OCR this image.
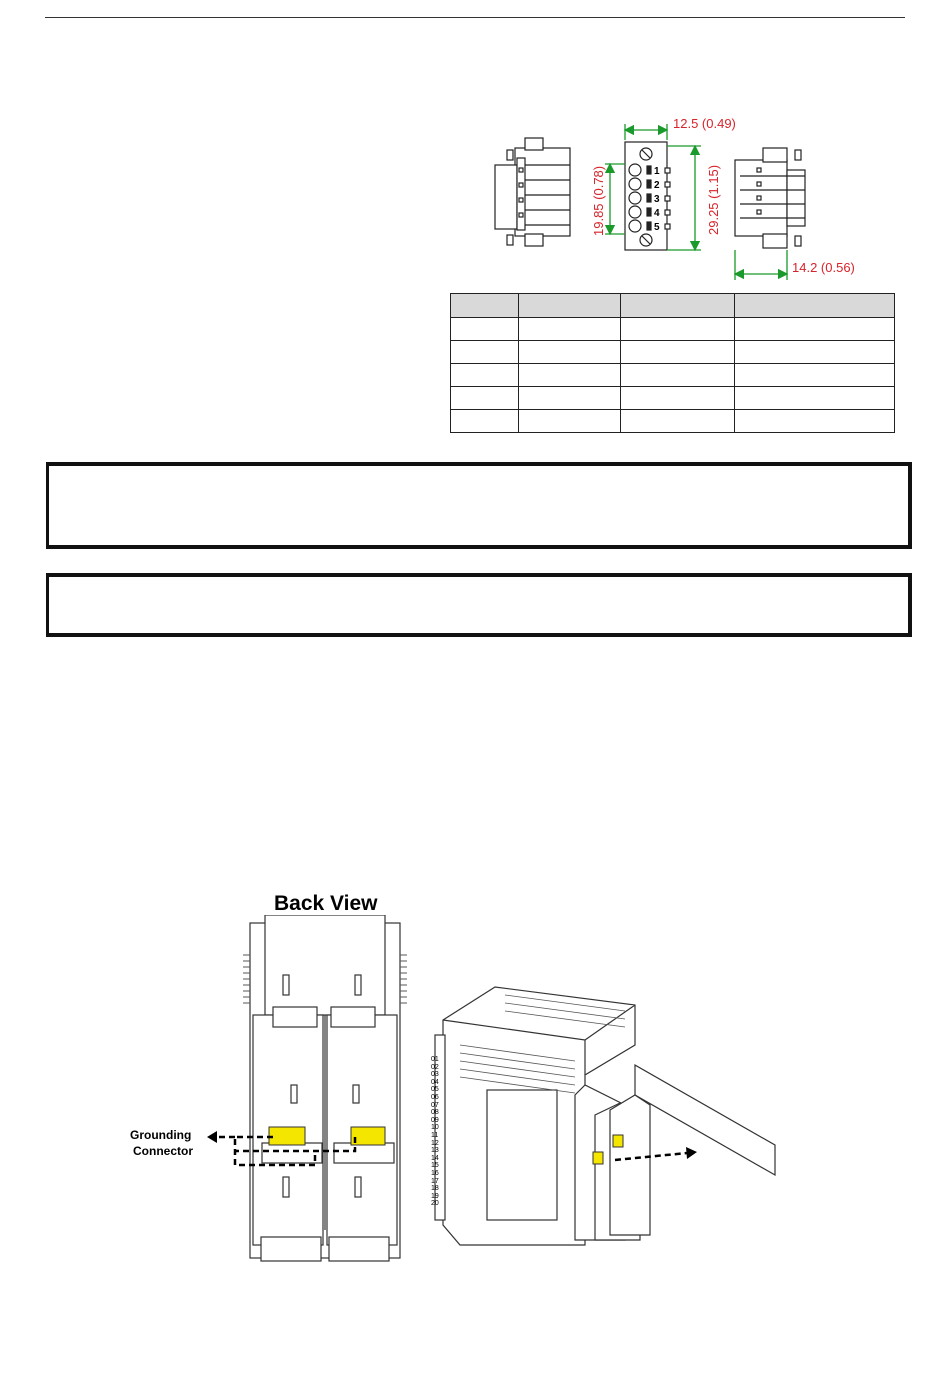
1
2
3
4
5
12.5 (0.49)
19.85 (0.78)	29.25 (1.15)
14.2 (0.56)

Back View
Grounding
Connector
01
02
03
04
05
06
07
08
09
10
11
12
13
14
15
16
17
18
19
20
